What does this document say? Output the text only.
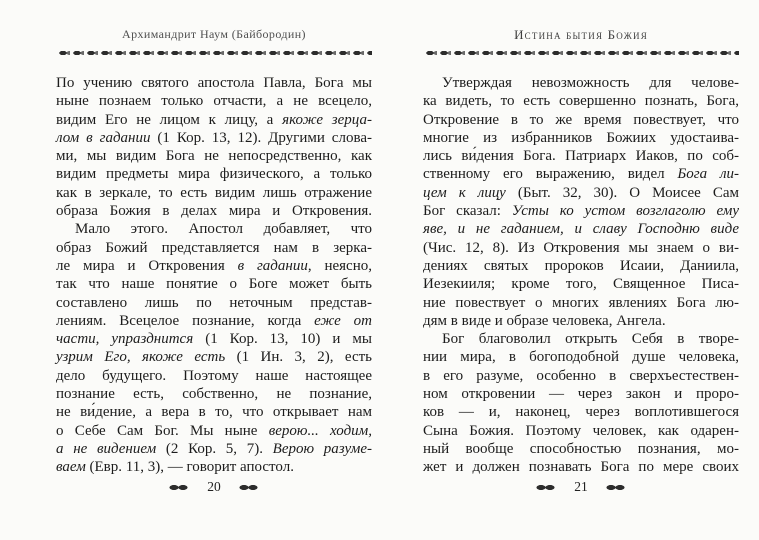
Архимандрит Наум (Байбородин)
По учению святого апостола Павла, Бога мы
ныне познаем только отчасти, а не всецело,
видим Его не лицом к лицу, а якоже зерца-
лом в гадании (1 Кор. 13, 12). Другими слова-
ми, мы видим Бога не непосредственно, как
видим предметы мира физического, а только
как в зеркале, то есть видим лишь отражение
образа Божия в делах мира и Откровения.
Мало этого. Апостол добавляет, что
образ Божий представляется нам в зерка-
ле мира и Откровения в гадании, неясно,
так что наше понятие о Боге может быть
составлено лишь по неточным представ-
лениям. Всецелое познание, когда еже от
части, упразднится (1 Кор. 13, 10) и мы
узрим Его, якоже есть (1 Ин. 3, 2), есть
дело будущего. Поэтому наше настоящее
познание есть, собственно, не познание,
не ви́дение, а вера в то, что открывает нам
о Себе Сам Бог. Мы ныне верою... ходим,
а не видением (2 Кор. 5, 7). Верою разуме-
ваем (Евр. 11, 3), — говорит апостол.
20
Истина бытия Божия
Утверждая невозможность для челове-
ка видеть, то есть совершенно познать, Бога,
Откровение в то же время повествует, что
многие из избранников Божиих удостаива-
лись ви́дения Бога. Патриарх Иаков, по соб-
ственному его выражению, видел Бога ли-
цем к лицу (Быт. 32, 30). О Моисее Сам
Бог сказал: Усты ко устом возглаголю ему
яве, и не гаданием, и славу Господню виде
(Чис. 12, 8). Из Откровения мы знаем о ви-
дениях святых пророков Исаии, Даниила,
Иезекииля; кроме того, Священное Писа-
ние повествует о многих явлениях Бога лю-
дям в виде и образе человека, Ангела.
Бог благоволил открыть Себя в творе-
нии мира, в богоподобной душе человека,
в его разуме, особенно в сверхъестествен-
ном откровении — через закон и проро-
ков — и, наконец, через воплотившегося
Сына Божия. Поэтому человек, как одарен-
ный вообще способностью познания, мо-
жет и должен познавать Бога по мере своих
21
